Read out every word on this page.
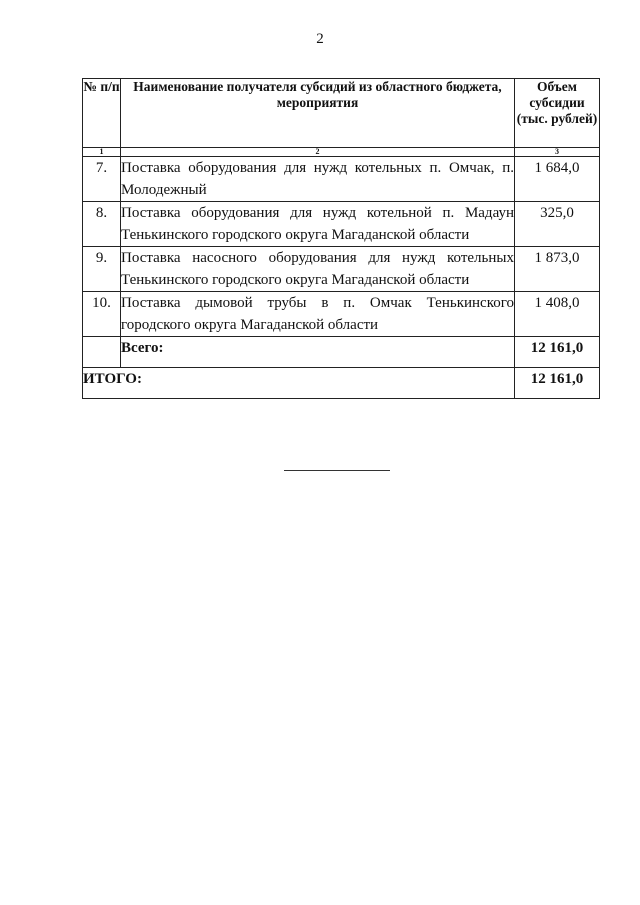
2
№ п/п	Наименование получателя субсидий из областного бюджета, мероприятия	Объем субсидии (тыс. рублей)
1	2	3
7.	Поставка оборудования для нужд котельных п. Омчак, п. Молодежный	1 684,0
8.	Поставка оборудования для нужд котельной п. Мадаун Тенькинского городского округа Магаданской области	325,0
9.	Поставка насосного оборудования для нужд котельных Тенькинского городского округа Магаданской области	1 873,0
10.	Поставка дымовой трубы в п. Омчак Тенькинского городского округа Магаданской области	1 408,0
	Всего:	12 161,0
ИТОГО:		12 161,0
